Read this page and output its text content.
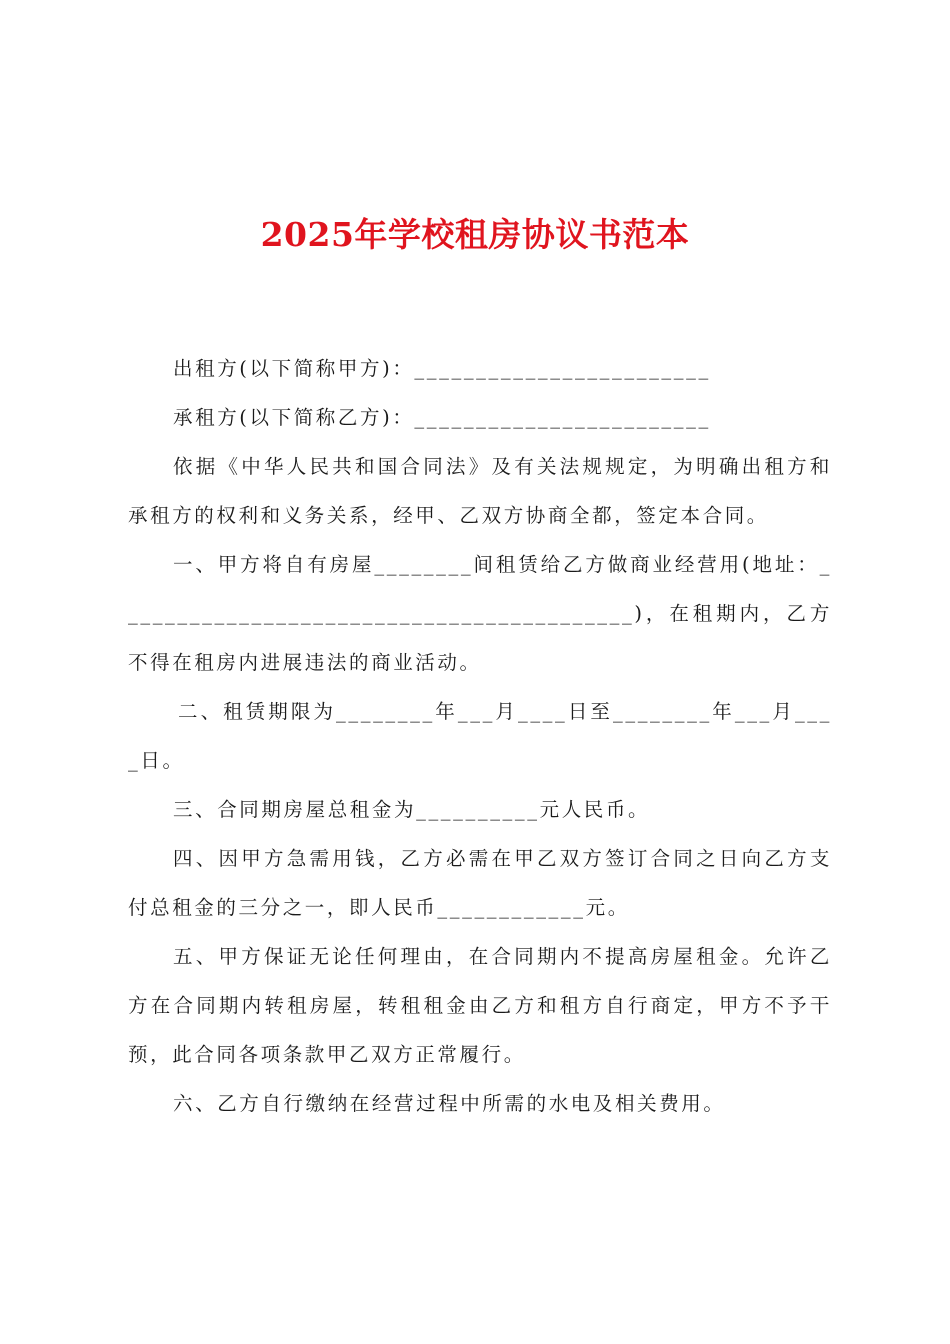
2025年学校租房协议书范本

出租方(以下简称甲方)：________________________

承租方(以下简称乙方)：________________________

依据《中华人民共和国合同法》及有关法规规定，为明确出租方和承租方的权利和义务关系，经甲、乙双方协商全都，签定本合同。

一、甲方将自有房屋________间租赁给乙方做商业经营用(地址：__________________________________________)，在租期内，乙方不得在租房内进展违法的商业活动。

二、租赁期限为________年___月____日至________年___月____日。

三、合同期房屋总租金为__________元人民币。

四、因甲方急需用钱，乙方必需在甲乙双方签订合同之日向乙方支付总租金的三分之一，即人民币____________元。

五、甲方保证无论任何理由，在合同期内不提高房屋租金。允许乙方在合同期内转租房屋，转租租金由乙方和租方自行商定，甲方不予干预，此合同各项条款甲乙双方正常履行。

六、乙方自行缴纳在经营过程中所需的水电及相关费用。
